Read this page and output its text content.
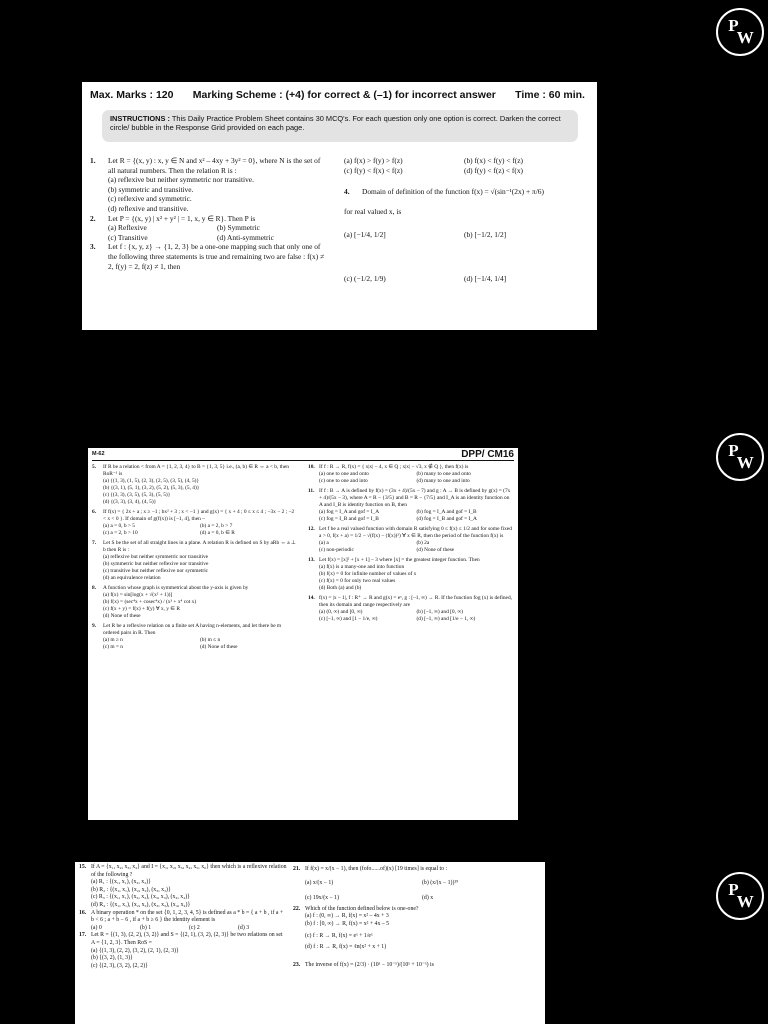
P
W
P
W
P
W
Max. Marks : 120 Marking Scheme : (+4) for correct & (–1) for incorrect answer Time : 60 min.
INSTRUCTIONS : This Daily Practice Problem Sheet contains 30 MCQ's. For each question only one option is correct. Darken the correct circle/ bubble in the Response Grid provided on each page.
1.	Let R = {(x, y) : x, y ∈ N and x² – 4xy + 3y² = 0}, where N is the set of all natural numbers. Then the relation R is :
(a) reflexive but neither symmetric nor transitive.
(b) symmetric and transitive.
(c) reflexive and symmetric.
(d) reflexive and transitive.
2.	Let P = {(x, y) | x² + y² | = 1, x, y ∈ R}. Then P is
(a) Reflexive	(b) Symmetric
(c) Transitive	(d) Anti-symmetric
3.	Let f : {x, y, z} → {1, 2, 3} be a one-one mapping such that only one of the following three statements is true and remaining two are false : f(x) ≠ 2, f(y) = 2, f(z) ≠ 1, then
(a) f(x) > f(y) > f(z)	(b) f(x) < f(y) < f(z)
(c) f(y) < f(x) < f(z)	(d) f(y) < f(z) < f(x)
4.	Domain of definition of the function f(x) = √(sin⁻¹(2x) + π/6)
for real valued x, is
(a) [−1/4, 1/2]	(b) [−1/2, 1/2]
(c) (−1/2, 1/9)	(d) [−1/4, 1/4]
M-62	DPP/ CM16
5.	If R be a relation < from A = {1, 2, 3, 4} to B = {1, 3, 5} i.e., (a, b) ∈ R ⇔ a < b, then RoR⁻¹ is
(a) {(1, 3), (1, 5), (2, 3), (2, 5), (3, 5), (4, 5)}
(b) {(3, 1), (5, 1), (3, 2), (5, 2), (5, 3), (5, 4)}
(c) {(3, 3), (3, 5), (5, 3), (5, 5)}
(d) {(3, 3), (3, 4), (4, 5)}
6.	If f(x) = { 2x + a ; x ≥ −1 ; bx² + 3 ; x < −1 } and g(x) = { x + 4 ; 0 ≤ x ≤ 4 ; −3x − 2 ; −2 < x < 0 }. If domain of g(f(x)) is [−1, 4], then –
(a) a = 0, b > 5	(b) a = 2, b > 7
(c) a = 2, b > 10	(d) a = 0, b ∈ R
7.	Let S be the set of all straight lines in a plane. A relation R is defined on S by aRb ⇔ a ⊥ b then R is :
(a) reflexive but neither symmetric nor transitive
(b) symmetric but neither reflexive nor transitive
(c) transitive but neither reflexive nor symmetric
(d) an equivalence relation
8.	A function whose graph is symmetrical about the y-axis is given by
(a) f(x) = sin[log(x + √(x² + 1))]
(b) f(x) = (sec⁴x + cosec⁴x) / (x³ + x⁴ cot x)
(c) f(x + y) = f(x) + f(y) ∀ x, y ∈ R
(d) None of these
9.	Let R be a reflexive relation on a finite set A having n-elements, and let there be m ordered pairs in R. Then
(a) m ≥ n	(b) m ≤ n
(c) m = n	(d) None of these
10. If f : R → R, f(x) = { x|x| − 4, x ∈ Q ; x|x| − √3, x ∉ Q }, then f(x) is
(a) one to one and onto	(b) many to one and onto
(c) one to one and into	(d) many to one and into
11. If f : B → A is defined by f(x) = (3x + 4)/(5x − 7) and g : A → B is defined by g(x) = (7x + 4)/(5x − 3), where A = R − {3/5} and B = R − {7/5} and I_A is an identity function on A and I_B is identity function on B, then
(a) fog = I_A and gof = I_A	(b) fog = I_A and gof = I_B
(c) fog = I_B and gof = I_B	(d) fog = I_B and gof = I_A
12. Let f be a real valued function with domain R satisfying 0 ≤ f(x) ≤ 1/2 and for some fixed a > 0, f(x + a) = 1/2 − √(f(x) − (f(x))²) ∀ x ∈ R, then the period of the function f(x) is
(a) a	(b) 2a
(c) non-periodic	(d) None of these
13. Let f(x) = [x]² + [x + 1] – 3 where [x] = the greatest integer function. Then
(a) f(x) is a many-one and into function
(b) f(x) = 0 for infinite number of values of x
(c) f(x) = 0 for only two real values
(d) Both (a) and (b)
14. f(x) = |x – 1|, f : R⁺ → R and g(x) = eˣ, g : [–1, ∞) → R. If the function fog (x) is defined, then its domain and range respectively are
(a) (0, ∞) and [0, ∞)	(b) [–1, ∞) and [0, ∞)
(c) [–1, ∞) and [1 − 1/e, ∞)	(d) [–1, ∞) and [1/e − 1, ∞)
15. If A = {x₁, x₂, x₃, x₄} and I = {x₁, x₂, x₃, x₄, x₅, x₆} then which is a reflexive relation of the following ?
(a) R₁ : {(x₁, x₁), (x₂, x₂)}
(b) R₂ : {(x₁, x₁), (x₂, x₂), (x₃, x₃)}
(c) R₃ : {(x₁, x₁), (x₂, x₂), (x₃, x₃), (x₄, x₄)}
(d) R₄ : {(x₁, x₁), (x₂, x₂), (x₃, x₃), (x₄, x₄)}
16. A binary operation * on the set {0, 1, 2, 3, 4, 5} is defined as a * b = { a + b , if a + b < 6 ; a + b − 6 , if a + b ≥ 6 } the identity element is
(a) 0	(b) 1	(c) 2	(d) 3
17. Let R = {(1, 3), (2, 2), (3, 2)} and S = {(2, 1), (3, 2), (2, 3)} be two relations on set A = {1, 2, 3}. Then RoS =
(a) {(1, 3), (2, 2), (3, 2), (2, 1), (2, 3)}
(b) {(3, 2), (1, 3)}
(c) {(2, 3), (3, 2), (2, 2)}
21. If f(x) = x/(x − 1), then (fofo......of)(x) [19 times] is equal to :
(a) x/(x − 1)	(b) (x/(x − 1))¹⁹
(c) 19x/(x − 1)	(d) x
22. Which of the function defined below is one-one?
(a) f : (0, ∞) → R, f(x) = x² – 4x + 3
(b) f : [0, ∞) → R, f(x) = x² + 4x – 5
(c) f : R → R, f(x) = eˣ + 1/eˣ
(d) f : R → R, f(x) = ℓn(x² + x + 1)
23. The inverse of f(x) = (2/3) · (10ˣ − 10⁻ˣ)/(10ˣ + 10⁻ˣ) is
